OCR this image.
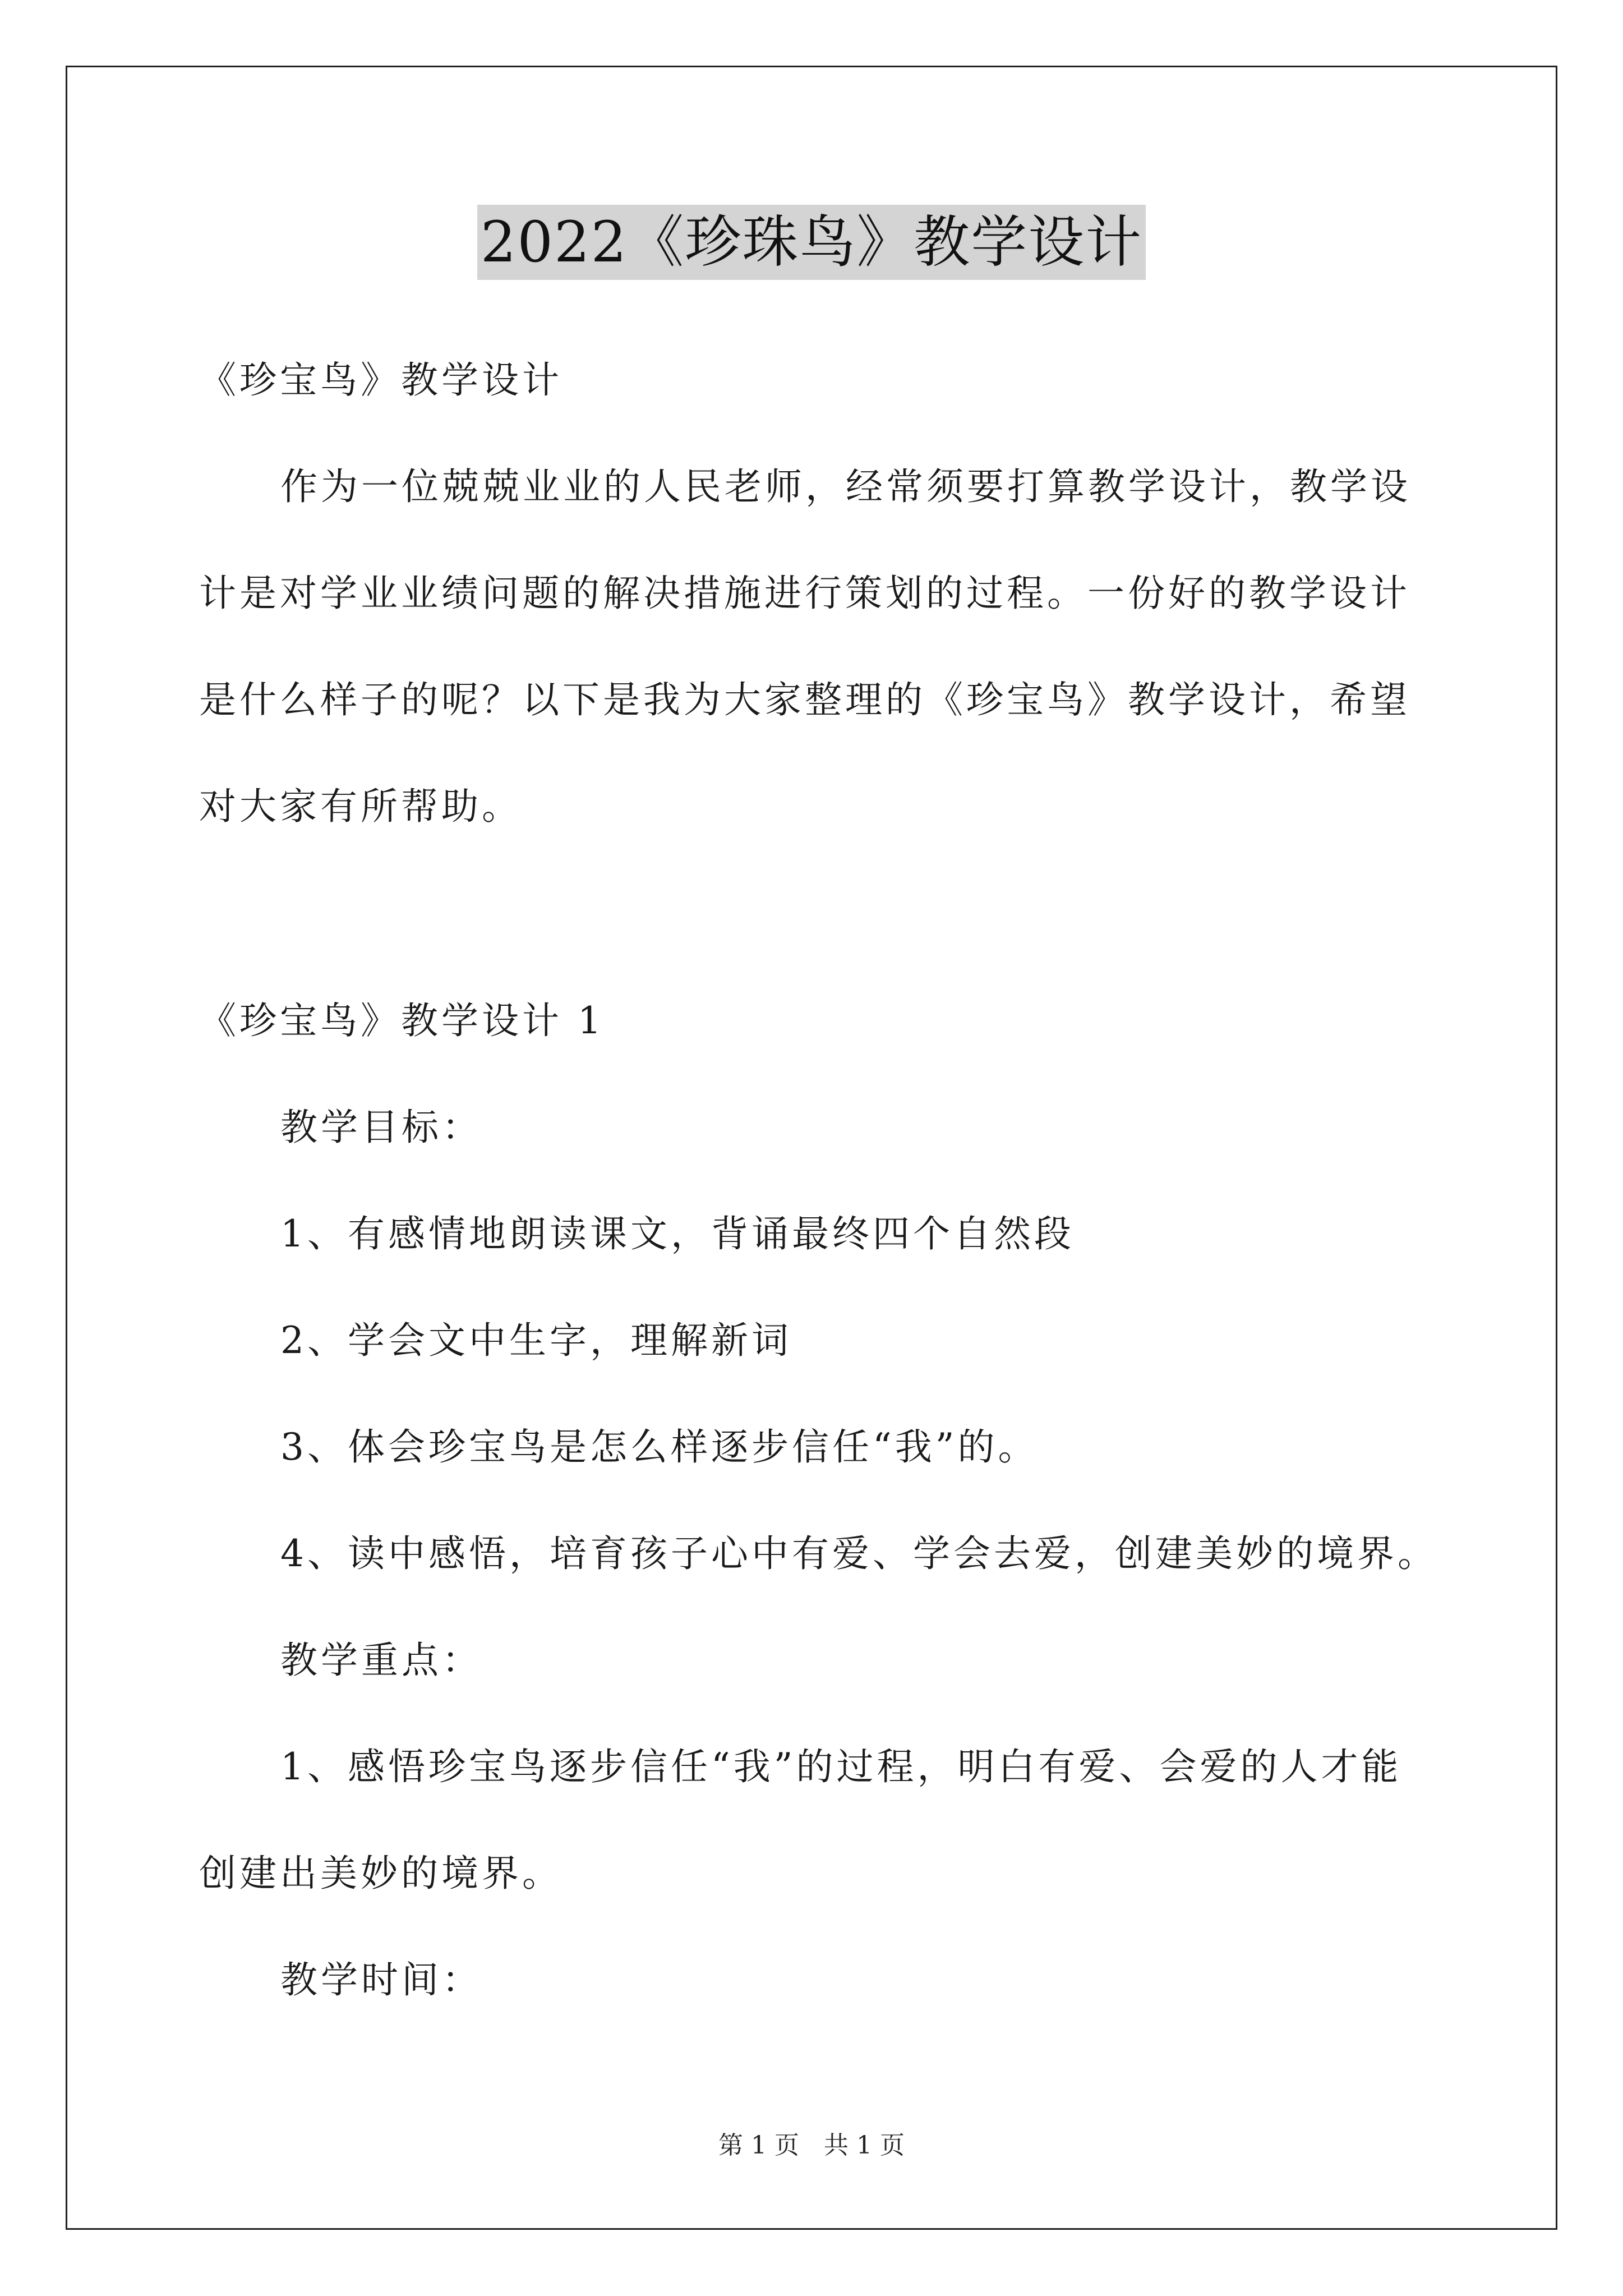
2022《珍珠鸟》教学设计
《珍宝鸟》教学设计
作为一位兢兢业业的人民老师，经常须要打算教学设计，教学设
计是对学业业绩问题的解决措施进行策划的过程。一份好的教学设计
是什么样子的呢？以下是我为大家整理的《珍宝鸟》教学设计，希望
对大家有所帮助。
《珍宝鸟》教学设计 1
教学目标：
1、有感情地朗读课文，背诵最终四个自然段
2、学会文中生字，理解新词
3、体会珍宝鸟是怎么样逐步信任“我”的。
4、读中感悟，培育孩子心中有爱、学会去爱，创建美妙的境界。
教学重点：
1、感悟珍宝鸟逐步信任“我”的过程，明白有爱、会爱的人才能
创建出美妙的境界。
教学时间：
第 1 页 共 1 页
